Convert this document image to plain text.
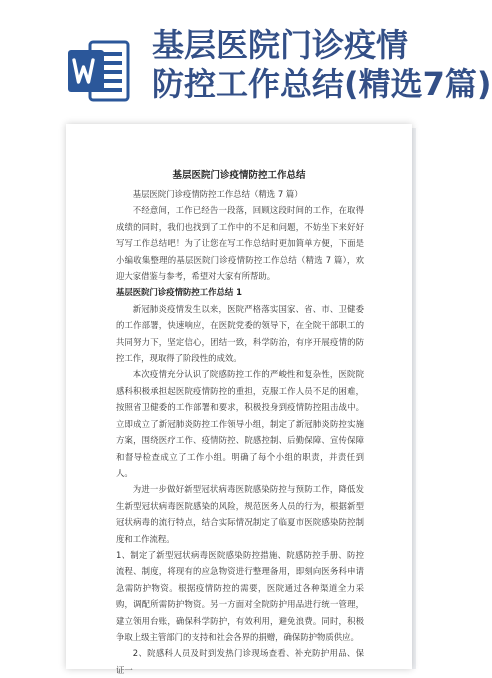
基层医院门诊疫情
防控工作总结(精选7篇)
基层医院门诊疫情防控工作总结

基层医院门诊疫情防控工作总结（精选 7 篇）

不经意间，工作已经告一段落，回顾这段时间的工作，在取得成绩的同时，我们也找到了工作中的不足和问题，不妨坐下来好好写写工作总结吧！为了让您在写工作总结时更加简单方便，下面是小编收集整理的基层医院门诊疫情防控工作总结（精选 7 篇），欢迎大家借鉴与参考，希望对大家有所帮助。

基层医院门诊疫情防控工作总结 1

新冠肺炎疫情发生以来，医院严格落实国家、省、市、卫健委的工作部署，快速响应，在医院党委的领导下，在全院干部职工的共同努力下，坚定信心，团结一致，科学防治，有序开展疫情的防控工作，现取得了阶段性的成效。

本次疫情充分认识了院感防控工作的严峻性和复杂性，医院院感科积极承担起医院疫情防控的重担，克服工作人员不足的困难，按照省卫健委的工作部署和要求，积极投身到疫情防控阻击战中。立即成立了新冠肺炎防控工作领导小组，制定了新冠肺炎防控实施方案，围绕医疗工作、疫情防控、院感控制、后勤保障、宣传保障和督导检查成立了工作小组。明确了每个小组的职责，并责任到人。

为进一步做好新型冠状病毒医院感染防控与预防工作，降低发生新型冠状病毒医院感染的风险，规范医务人员的行为，根据新型冠状病毒的流行特点，结合实际情况制定了临夏市医院感染防控制度和工作流程。

1、制定了新型冠状病毒医院感染防控措施、院感防控手册、防控流程、制度，将现有的应急物资进行整理备用，即刻向医务科申请急需防护物资。根据疫情防控的需要，医院通过各种渠道全力采购，调配所需防护物资。另一方面对全院防护用品进行统一管理，建立领用台账，确保科学防护，有效利用，避免浪费。同时，积极争取上级主管部门的支持和社会各界的捐赠，确保防护物质供应。

2、院感科人员及时到发热门诊现场查看、补充防护用品、保证一
